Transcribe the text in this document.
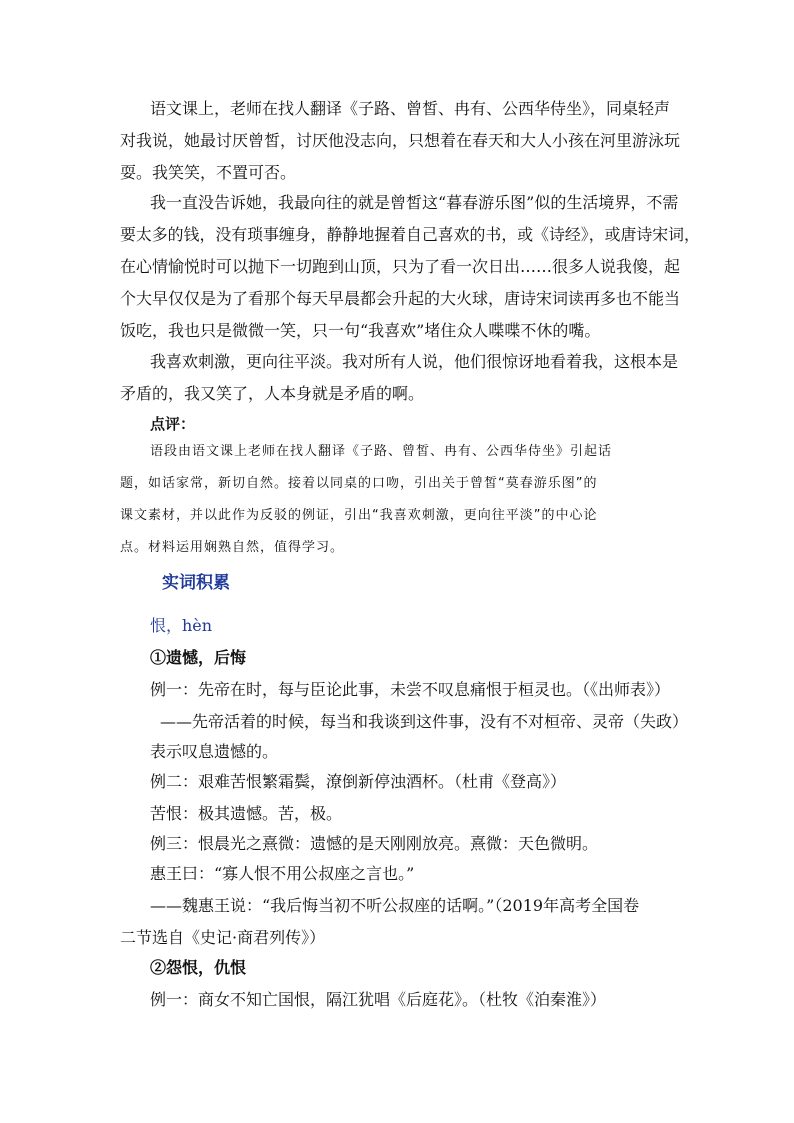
语文课上，老师在找人翻译《子路、曾皙、冉有、公西华侍坐》，同桌轻声
对我说，她最讨厌曾皙，讨厌他没志向，只想着在春天和大人小孩在河里游泳玩
耍。我笑笑，不置可否。
我一直没告诉她，我最向往的就是曾皙这“暮春游乐图”似的生活境界，不需
要太多的钱，没有琐事缠身，静静地握着自己喜欢的书，或《诗经》，或唐诗宋词，
在心情愉悦时可以抛下一切跑到山顶，只为了看一次日出……很多人说我傻，起
个大早仅仅是为了看那个每天早晨都会升起的大火球，唐诗宋词读再多也不能当
饭吃，我也只是微微一笑，只一句“我喜欢”堵住众人喋喋不休的嘴。
我喜欢刺激，更向往平淡。我对所有人说，他们很惊讶地看着我，这根本是
矛盾的，我又笑了，人本身就是矛盾的啊。
点评：
语段由语文课上老师在找人翻译《子路、曾皙、冉有、公西华侍坐》引起话
题，如话家常，新切自然。接着以同桌的口吻，引出关于曾皙“莫春游乐图”的
课文素材，并以此作为反驳的例证，引出“我喜欢刺激，更向往平淡”的中心论
点。材料运用娴熟自然，值得学习。
实词积累
恨，hèn
①遗憾，后悔
例一：先帝在时，每与臣论此事，未尝不叹息痛恨于桓灵也。（《出师表》）
——先帝活着的时候，每当和我谈到这件事，没有不对桓帝、灵帝（失政）
表示叹息遗憾的。
例二：艰难苦恨繁霜鬓，潦倒新停浊酒杯。（杜甫《登高》）
苦恨：极其遗憾。苦，极。
例三：恨晨光之熹微：遗憾的是天刚刚放亮。熹微：天色微明。
惠王曰：“寡人恨不用公叔座之言也。”
——魏惠王说：“我后悔当初不听公叔座的话啊。”（2019年高考全国卷
二节选自《史记·商君列传》）
②怨恨，仇恨
例一：商女不知亡国恨，隔江犹唱《后庭花》。（杜牧《泊秦淮》）
